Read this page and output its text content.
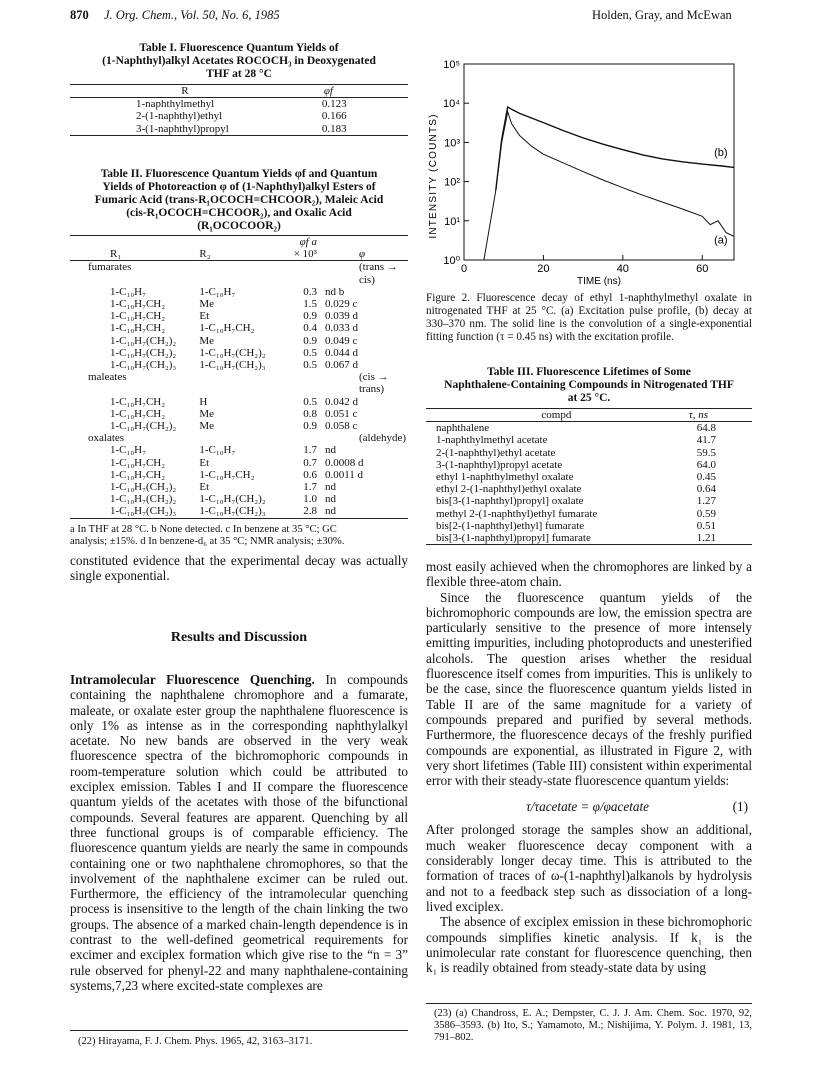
870 J. Org. Chem., Vol. 50, No. 6, 1985	Holden, Gray, and McEwan
Table I. Fluorescence Quantum Yields of
(1-Naphthyl)alkyl Acetates ROCOCH₃ in Deoxygenated
THF at 28 °C
R	φf
1-naphthylmethyl	0.123
2-(1-naphthyl)ethyl	0.166
3-(1-naphthyl)propyl	0.183
Table II. Fluorescence Quantum Yields φf and Quantum
Yields of Photoreaction φ of (1-Naphthyl)alkyl Esters of
Fumaric Acid (trans-R₁OCOCH=CHCOOR₂), Maleic Acid
(cis-R₁OCOCH=CHCOOR₂), and Oxalic Acid
(R₁OCOCOOR₂)
		φf a	
R₁	R₂	× 10³	φ
fumarates			(trans → cis)
1-C₁₀H₇	1-C₁₀H₇	0.3	nd b
1-C₁₀H₇CH₂	Me	1.5	0.029 c
1-C₁₀H₇CH₂	Et	0.9	0.039 d
1-C₁₀H₇CH₂	1-C₁₀H₇CH₂	0.4	0.033 d
1-C₁₀H₇(CH₂)₂	Me	0.9	0.049 c
1-C₁₀H₇(CH₂)₂	1-C₁₀H₇(CH₂)₂	0.5	0.044 d
1-C₁₀H₇(CH₂)₃	1-C₁₀H₇(CH₂)₃	0.5	0.067 d
maleates			(cis → trans)
1-C₁₀H₇CH₂	H	0.5	0.042 d
1-C₁₀H₇CH₂	Me	0.8	0.051 c
1-C₁₀H₇(CH₂)₂	Me	0.9	0.058 c
oxalates			(aldehyde)
1-C₁₀H₇	1-C₁₀H₇	1.7	nd
1-C₁₀H₇CH₂	Et	0.7	0.0008 d
1-C₁₀H₇CH₂	1-C₁₀H₇CH₂	0.6	0.0011 d
1-C₁₀H₇(CH₂)₂	Et	1.7	nd
1-C₁₀H₇(CH₂)₂	1-C₁₀H₇(CH₂)₂	1.0	nd
1-C₁₀H₇(CH₂)₃	1-C₁₀H₇(CH₂)₃	2.8	nd
a In THF at 28 °C. b None detected. c In benzene at 35 °C; GC
analysis; ±15%. d In benzene-d₆ at 35 °C; NMR analysis; ±30%.
constituted evidence that the experimental decay was actually single exponential.
Results and Discussion
Intramolecular Fluorescence Quenching. In compounds containing the naphthalene chromophore and a fumarate, maleate, or oxalate ester group the naphthalene fluorescence is only 1% as intense as in the corresponding naphthylalkyl acetate. No new bands are observed in the very weak fluorescence spectra of the bichromophoric compounds in room-temperature solution which could be attributed to exciplex emission. Tables I and II compare the fluorescence quantum yields of the acetates with those of the bifunctional compounds. Several features are apparent. Quenching by all three functional groups is of comparable efficiency. The fluorescence quantum yields are nearly the same in compounds containing one or two naphthalene chromophores, so that the involvement of the naphthalene excimer can be ruled out. Furthermore, the efficiency of the intramolecular quenching process is insensitive to the length of the chain linking the two groups. The absence of a marked chain-length dependence is in contrast to the well-defined geometrical requirements for excimer and exciplex formation which give rise to the “n = 3” rule observed for phenyl-22 and many naphthalene-containing systems,7,23 where excited-state complexes are
(22) Hirayama, F. J. Chem. Phys. 1965, 42, 3163–3171.
10⁰
10¹
10²
10³
10⁴
10⁵
0	20	40	60
TIME (ns)
INTENSITY (COUNTS)
(a)
(b)
Figure 2. Fluorescence decay of ethyl 1-naphthylmethyl oxalate in nitrogenated THF at 25 °C. (a) Excitation pulse profile, (b) decay at 330–370 nm. The solid line is the convolution of a single-exponential fitting function (τ = 0.45 ns) with the excitation profile.
Table III. Fluorescence Lifetimes of Some
Naphthalene-Containing Compounds in Nitrogenated THF
at 25 °C.
compd	τ, ns
naphthalene	64.8
1-naphthylmethyl acetate	41.7
2-(1-naphthyl)ethyl acetate	59.5
3-(1-naphthyl)propyl acetate	64.0
ethyl 1-naphthylmethyl oxalate	0.45
ethyl 2-(1-naphthyl)ethyl oxalate	0.64
bis[3-(1-naphthyl)propyl] oxalate	1.27
methyl 2-(1-naphthyl)ethyl fumarate	0.59
bis[2-(1-naphthyl)ethyl] fumarate	0.51
bis[3-(1-naphthyl)propyl] fumarate	1.21
most easily achieved when the chromophores are linked by a flexible three-atom chain.
Since the fluorescence quantum yields of the bichromophoric compounds are low, the emission spectra are particularly sensitive to the presence of more intensely emitting impurities, including photoproducts and unesterified alcohols. The question arises whether the residual fluorescence itself comes from impurities. This is unlikely to be the case, since the fluorescence quantum yields listed in Table II are of the same magnitude for a variety of compounds prepared and purified by several methods. Furthermore, the fluorescence decays of the freshly purified compounds are exponential, as illustrated in Figure 2, with very short lifetimes (Table III) consistent within experimental error with their steady-state fluorescence quantum yields:
τ/τacetate = φ/φacetate	(1)
After prolonged storage the samples show an additional, much weaker fluorescence decay component with a considerably longer decay time. This is attributed to the formation of traces of ω-(1-naphthyl)alkanols by hydrolysis and not to a feedback step such as dissociation of a long-lived exciplex.
The absence of exciplex emission in these bichromophoric compounds simplifies kinetic analysis. If k₁ is the unimolecular rate constant for fluorescence quenching, then k₁ is readily obtained from steady-state data by using
(23) (a) Chandross, E. A.; Dempster, C. J. J. Am. Chem. Soc. 1970, 92, 3586–3593. (b) Ito, S.; Yamamoto, M.; Nishijima, Y. Polym. J. 1981, 13, 791–802.
